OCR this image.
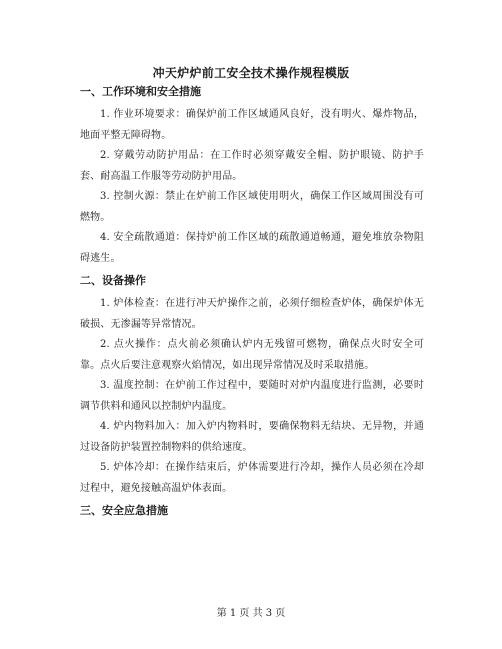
冲天炉炉前工安全技术操作规程模版
一、工作环境和安全措施

1. 作业环境要求：确保炉前工作区域通风良好，没有明火、爆炸物品，地面平整无障碍物。

2. 穿戴劳动防护用品：在工作时必须穿戴安全帽、防护眼镜、防护手套、耐高温工作服等劳动防护用品。

3. 控制火源：禁止在炉前工作区域使用明火，确保工作区域周围没有可燃物。

4. 安全疏散通道：保持炉前工作区域的疏散通道畅通，避免堆放杂物阻碍逃生。

二、设备操作

1. 炉体检查：在进行冲天炉操作之前，必须仔细检查炉体，确保炉体无破损、无渗漏等异常情况。

2. 点火操作：点火前必须确认炉内无残留可燃物，确保点火时安全可靠。点火后要注意观察火焰情况，如出现异常情况及时采取措施。

3. 温度控制：在炉前工作过程中，要随时对炉内温度进行监测，必要时调节供料和通风以控制炉内温度。

4. 炉内物料加入：加入炉内物料时，要确保物料无结块、无异物，并通过设备防护装置控制物料的供给速度。

5. 炉体冷却：在操作结束后，炉体需要进行冷却，操作人员必须在冷却过程中，避免接触高温炉体表面。

三、安全应急措施
第 1 页 共 3 页
